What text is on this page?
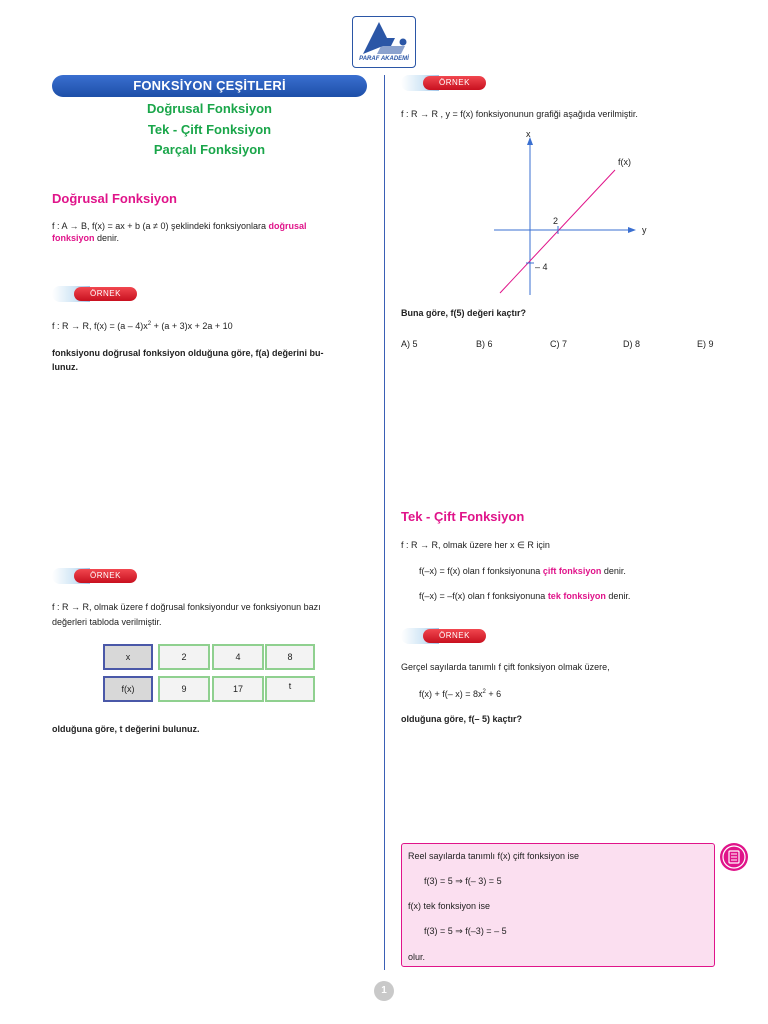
PARAF AKADEMİ
FONKSİYON ÇEŞİTLERİ
Doğrusal Fonksiyon
Tek - Çift Fonksiyon
Parçalı Fonksiyon
Doğrusal Fonksiyon
f : A → B, f(x) = ax + b (a ≠ 0) şeklindeki fonksiyonlara doğrusal
fonksiyon denir.
ÖRNEK
f : R → R, $f(x) = (a - 4)x^2 + (a + 3)x + 2a + 10$
fonksiyonu doğrusal fonksiyon olduğuna göre, f(a) değerini bu-
lunuz.
ÖRNEK
f : R → R, olmak üzere f doğrusal fonksiyondur ve fonksiyonun bazı
değerleri tabloda verilmiştir.
x	2	4	8
f(x)	9	17	t
olduğuna göre, t değerini bulunuz.
ÖRNEK
f : R → R , y = f(x) fonksiyonunun grafiği aşağıda verilmiştir.
x
y
f(x)
2
– 4
Buna göre, f(5) değeri kaçtır?
A) 5	B) 6	C) 7	D) 8	E) 9
Tek - Çift Fonksiyon
f : R → R, olmak üzere her x ∈ R için
f(–x) = f(x) olan f fonksiyonuna çift fonksiyon denir.
f(–x) = –f(x) olan f fonksiyonuna tek fonksiyon denir.
ÖRNEK
Gerçel sayılarda tanımlı f çift fonksiyon olmak üzere,
f(x) + f(– $x) = 8x^2 + 6$
olduğuna göre, f(– 5) kaçtır?
Reel sayılarda tanımlı f(x) çift fonksiyon ise
f(3) = 5 ⇒ f(– 3) = 5
f(x) tek fonksiyon ise
f(3) = 5 ⇒ f(–3) = – 5
olur.
1
